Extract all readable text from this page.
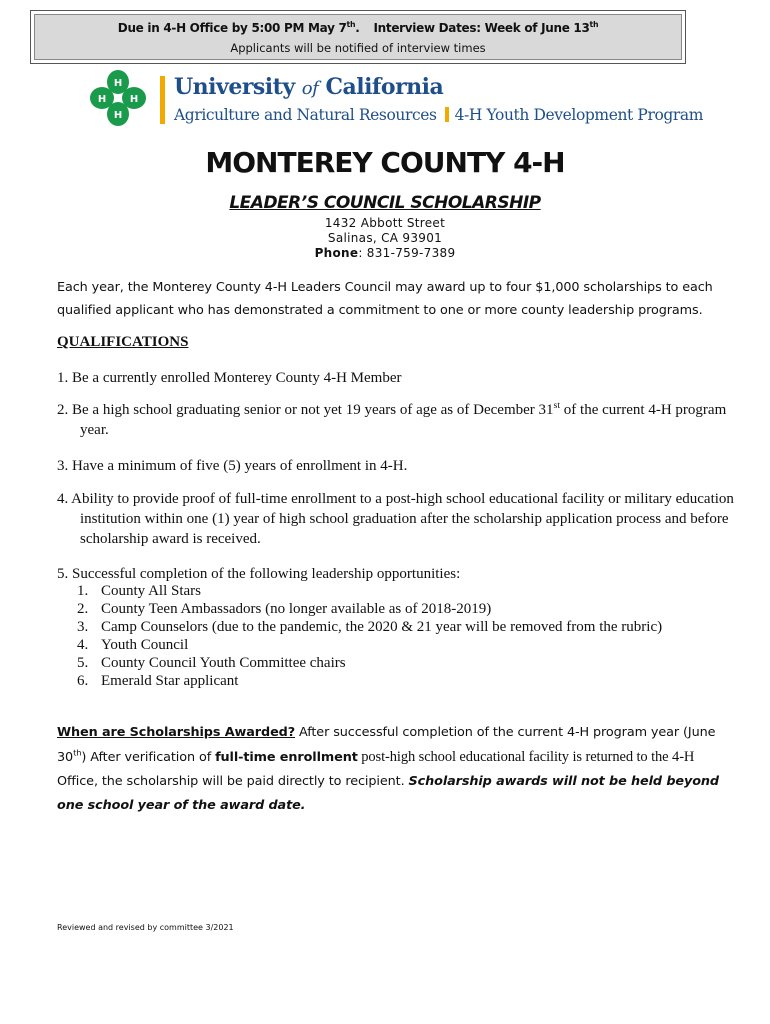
Due in 4-H Office by 5:00 PM May 7th. Interview Dates: Week of June 13th
Applicants will be notified of interview times
H
H
H H University of California
Agriculture and Natural Resources 4-H Youth Development Program
MONTEREY COUNTY 4-H
LEADER’S COUNCIL SCHOLARSHIP
1432 Abbott Street
Salinas, CA 93901
Phone: 831-759-7389
Each year, the Monterey County 4-H Leaders Council may award up to four $1,000 scholarships to each qualified applicant who has demonstrated a commitment to one or more county leadership programs.
QUALIFICATIONS
1. Be a currently enrolled Monterey County 4-H Member
2. Be a high school graduating senior or not yet 19 years of age as of December 31st of the current 4-H program year.
3. Have a minimum of five (5) years of enrollment in 4-H.
4. Ability to provide proof of full-time enrollment to a post-high school educational facility or military education institution within one (1) year of high school graduation after the scholarship application process and before scholarship award is received.
5. Successful completion of the following leadership opportunities:
1. County All Stars
2. County Teen Ambassadors (no longer available as of 2018-2019)
3. Camp Counselors (due to the pandemic, the 2020 & 21 year will be removed from the rubric)
4. Youth Council
5. County Council Youth Committee chairs
6. Emerald Star applicant
When are Scholarships Awarded? After successful completion of the current 4-H program year (June 30th) After verification of full-time enrollment post-high school educational facility is returned to the 4-H Office, the scholarship will be paid directly to recipient. Scholarship awards will not be held beyond one school year of the award date.
Reviewed and revised by committee 3/2021
